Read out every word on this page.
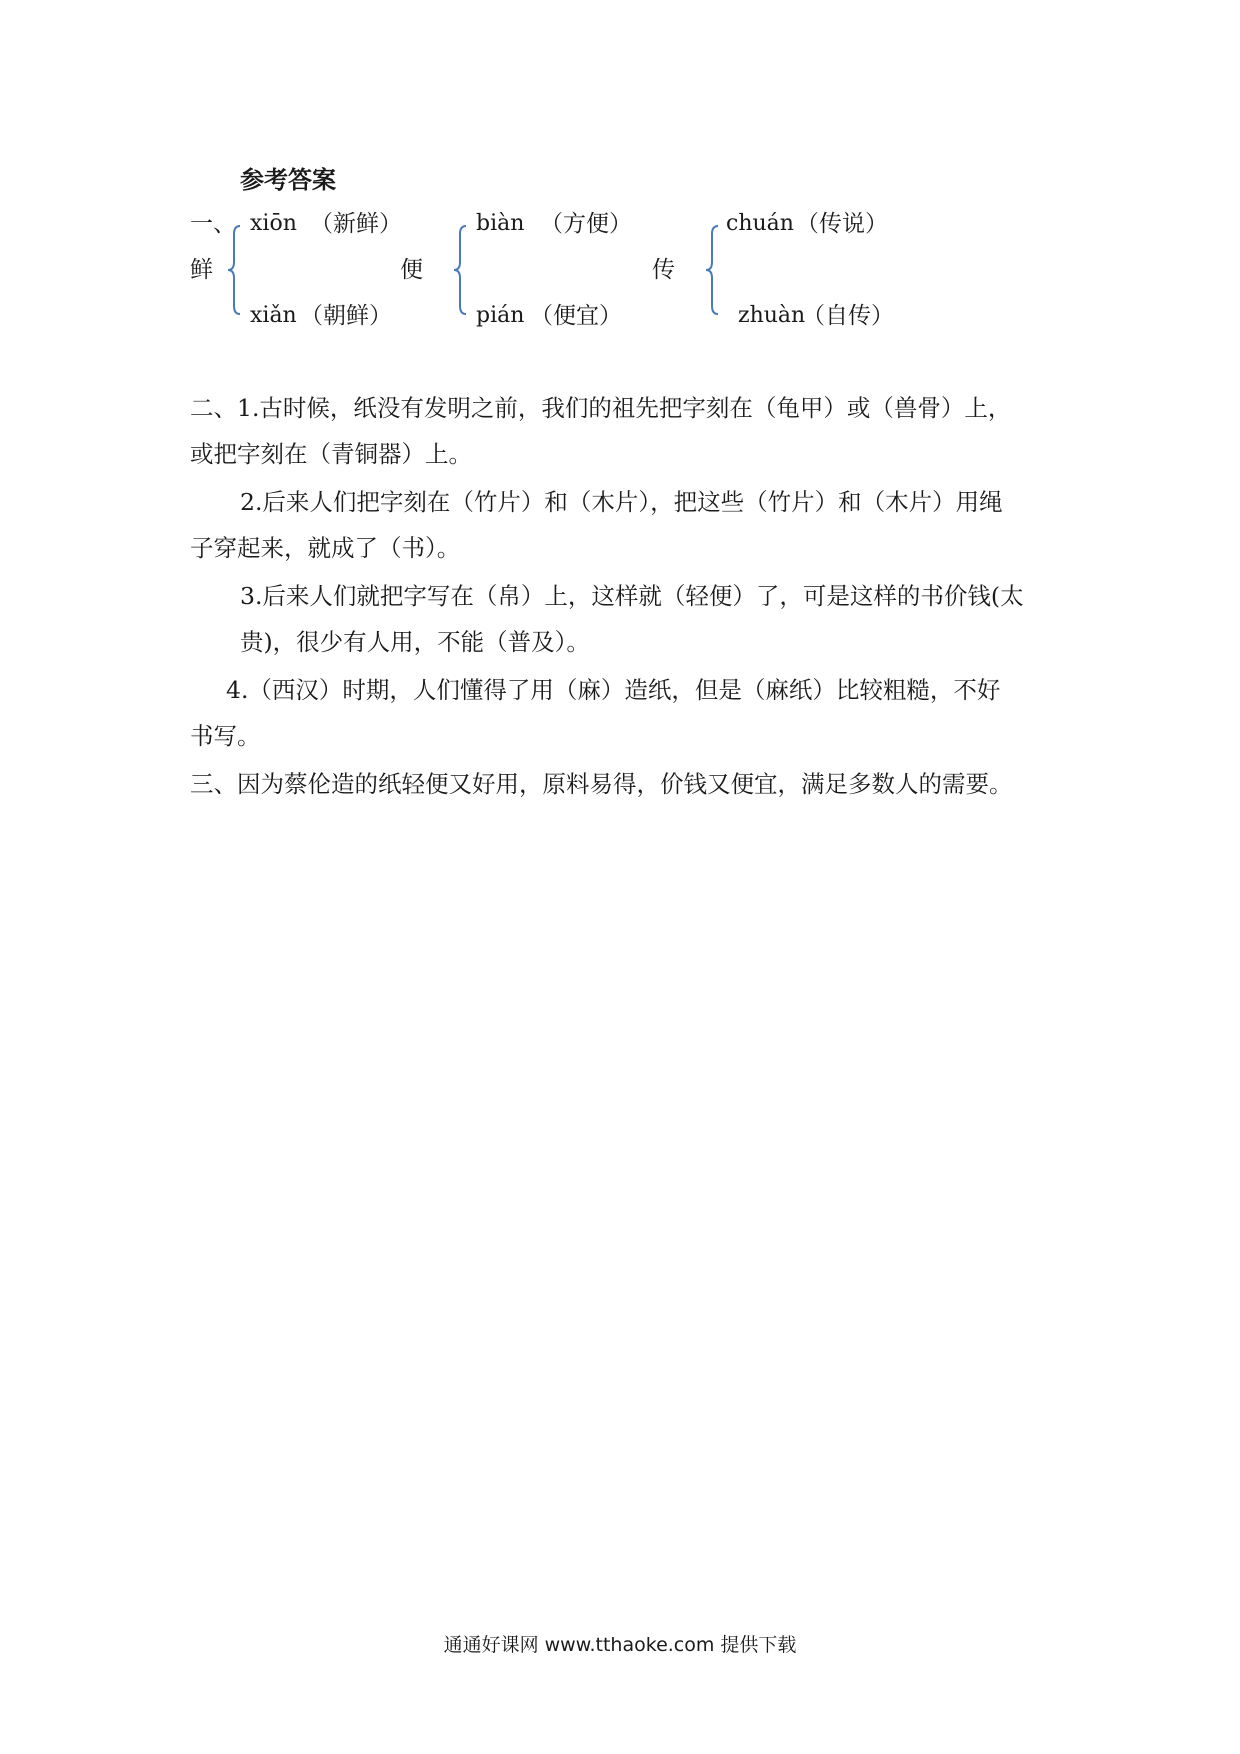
参考答案
一、
鲜
xiōn （新鲜）
xiǎn （朝鲜）
便
biàn （方便）
pián （便宜）
传
chuán （传说）
zhuàn
（自传）
二、1.古时候，纸没有发明之前，我们的祖先把字刻在（龟甲）或（兽骨）上，
或把字刻在（青铜器）上。
2.后来人们把字刻在（竹片）和（木片），把这些（竹片）和（木片）用绳
子穿起来，就成了（书）。
3.后来人们就把字写在（帛）上，这样就（轻便）了，可是这样的书价钱(太
贵)，很少有人用，不能（普及）。
4.（西汉）时期，人们懂得了用（麻）造纸，但是（麻纸）比较粗糙，不好
书写。
三、因为蔡伦造的纸轻便又好用，原料易得，价钱又便宜，满足多数人的需要。
通通好课网 www.tthaoke.com 提供下载
